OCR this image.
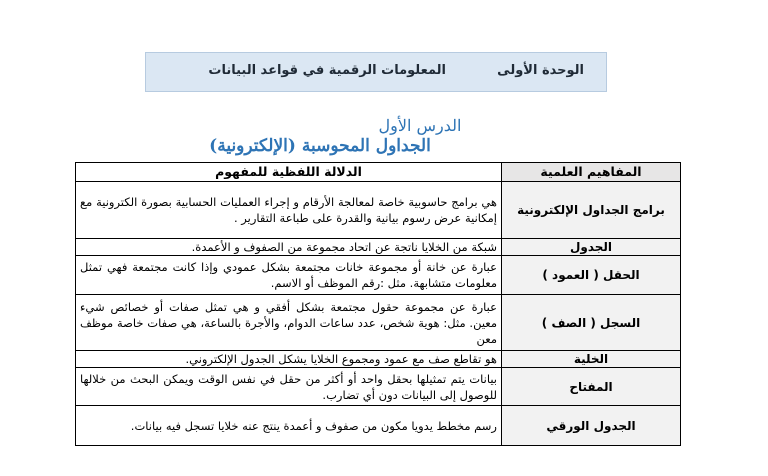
الوحدة الأولى
المعلومات الرقمية في قواعد البيانات
الدرس الأول
الجداول المحوسبة (الإلكترونية)
المفاهيم العلمية	الدلالة اللفظية للمفهوم
برامج الجداول الإلكترونية	هي برامج حاسوبية خاصة لمعالجة الأرقام و إجراء العمليات الحسابية بصورة الكترونية مع إمكانية عرض رسوم بيانية والقدرة على طباعة التقارير .
الجدول	شبكة من الخلايا ناتجة عن اتحاد مجموعة من الصفوف و الأعمدة.
الحقل ( العمود )	عبارة عن خانة أو مجموعة خانات مجتمعة بشكل عمودي وإذا كانت مجتمعة فهي تمثل معلومات متشابهة. مثل :رقم الموظف أو الاسم.
السجل ( الصف )	عبارة عن مجموعة حقول مجتمعة بشكل أفقي و هي تمثل صفات أو خصائص شيء معين. مثل: هوية شخص، عدد ساعات الدوام، والأجرة بالساعة، هي صفات خاصة موظف معن
الخلية	هو تقاطع صف مع عمود ومجموع الخلايا يشكل الجدول الإلكتروني.
المفتاح	بيانات يتم تمثيلها بحقل واحد أو أكثر من حقل في نفس الوقت ويمكن البحث من خلالها للوصول إلى البيانات دون أي تضارب.
الجدول الورقي	رسم مخطط يدويا مكون من صفوف و أعمدة ينتج عنه خلايا تسجل فيه بيانات.
